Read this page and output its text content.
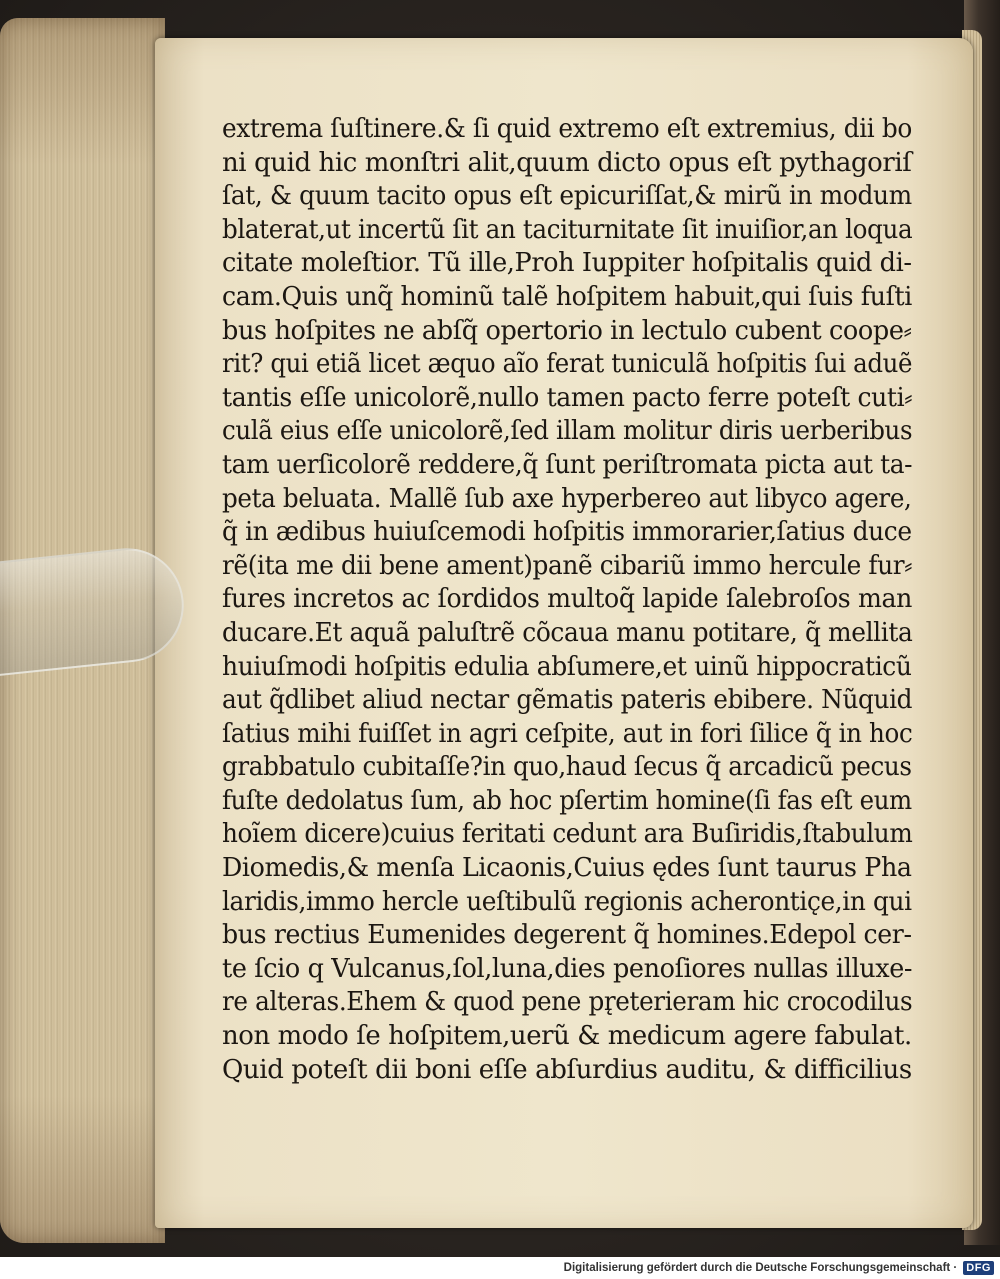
extrema ſuſtinere.& ſi quid extremo eſt extremius, dii bo
ni quid hic monſtri alit,quum dicto opus eſt pythagoriſ
ſat, & quum tacito opus eſt epicuriſſat,& mirũ in modum
blaterat,ut incertũ ſit an taciturnitate ſit inuiſior,an loqua
citate moleſtior. Tũ ille,Proh Iuppiter hoſpitalis quid di-
cam.Quis unq̃ hominũ talẽ hoſpitem habuit,qui ſuis fuſti
bus hoſpites ne abſq̃ opertorio in lectulo cubent coope⸗
rit? qui etiã licet æquo aĩo ferat tuniculã hoſpitis ſui aduẽ
tantis eſſe unicolorẽ,nullo tamen pacto ferre poteſt cuti⸗
culã eius eſſe unicolorẽ,ſed illam molitur diris uerberibus
tam uerſicolorẽ reddere,q̃ ſunt periſtromata picta aut ta-
peta beluata. Mallẽ ſub axe hyperbereo aut libyco agere,
q̃ in ædibus huiuſcemodi hoſpitis immorarier,ſatius duce
rẽ(ita me dii bene ament)panẽ cibariũ immo hercule fur⸗
fures incretos ac ſordidos multoq̃ lapide ſalebroſos man
ducare.Et aquã paluſtrẽ cõcaua manu potitare, q̃ mellita
huiuſmodi hoſpitis edulia abſumere,et uinũ hippocraticũ
aut q̃dlibet aliud nectar gẽmatis pateris ebibere. Nũquid
ſatius mihi fuiſſet in agri ceſpite, aut in fori ſilice q̃ in hoc
grabbatulo cubitaſſe?in quo,haud ſecus q̃ arcadicũ pecus
fuſte dedolatus ſum, ab hoc pſertim homine(ſi fas eſt eum
hoĩem dicere)cuius feritati cedunt ara Buſiridis,ſtabulum
Diomedis,& menſa Licaonis,Cuius ędes ſunt taurus Pha
laridis,immo hercle ueſtibulũ regionis acherontic̨e,in qui
bus rectius Eumenides degerent q̃ homines.Edepol cer-
te ſcio q Vulcanus,ſol,luna,dies penoſiores nullas illuxe-
re alteras.Ehem & quod pene pr̨eterieram hic crocodilus
non modo ſe hoſpitem,uerũ & medicum agere fabulat.
Quid poteſt dii boni eſſe abſurdius auditu, & difficilius
Digitalisierung gefördert durch die Deutsche Forschungsgemeinschaft · DFG
